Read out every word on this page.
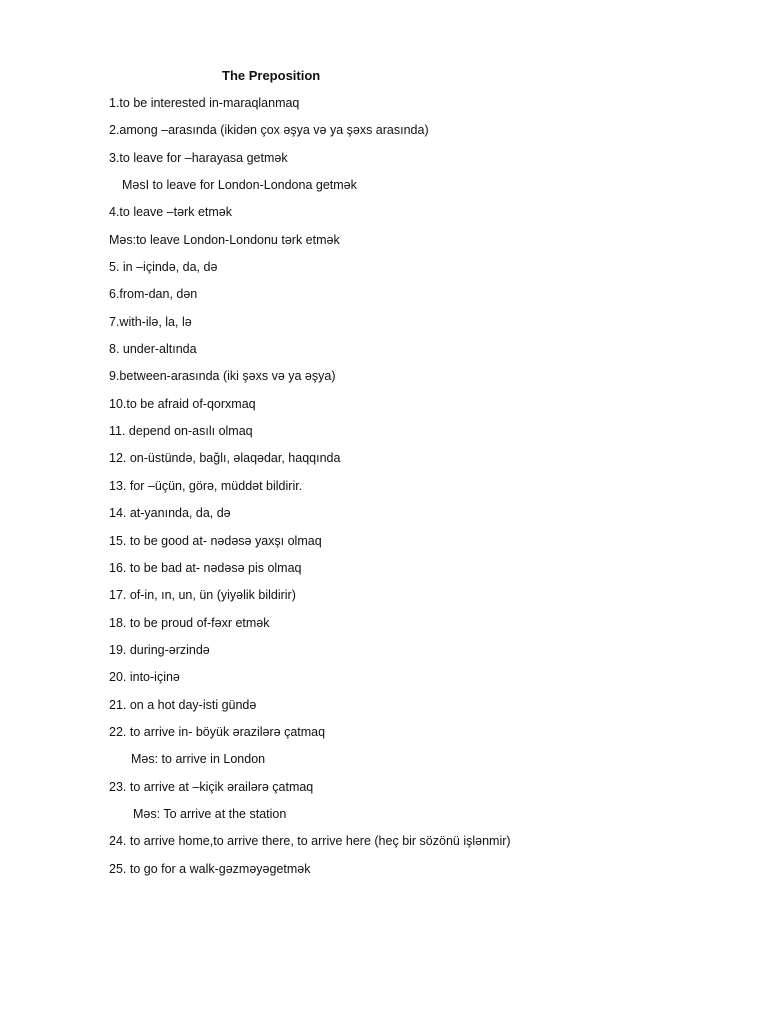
The Preposition
1.to be interested in-maraqlanmaq
2.among –arasında (ikidən çox əşya və ya şəxs arasında)
3.to leave for –harayasa getmək
MəsI to leave for London-Londona getmək
4.to leave –tərk etmək
Məs:to leave London-Londonu tərk etmək
5. in –içində, da, də
6.from-dan, dən
7.with-ilə, la, lə
8. under-altında
9.between-arasında (iki şəxs və ya əşya)
10.to be afraid of-qorxmaq
11. depend on-asılı olmaq
12. on-üstündə, bağlı, əlaqədar, haqqında
13. for –üçün, görə, müddət bildirir.
14. at-yanında, da, də
15. to be good at- nədəsə yaxşı olmaq
16. to be bad at- nədəsə pis olmaq
17. of-in, ın, un, ün (yiyəlik bildirir)
18. to be proud of-fəxr etmək
19. during-ərzində
20. into-içinə
21. on a hot day-isti gündə
22. to arrive in- böyük ərazilərə çatmaq
Məs: to arrive in London
23. to arrive at –kiçik ərailərə çatmaq
Məs: To arrive at the station
24. to arrive home,to arrive there, to arrive here (heç bir sözönü işlənmir)
25. to go for a walk-gəzməyəgetmək
